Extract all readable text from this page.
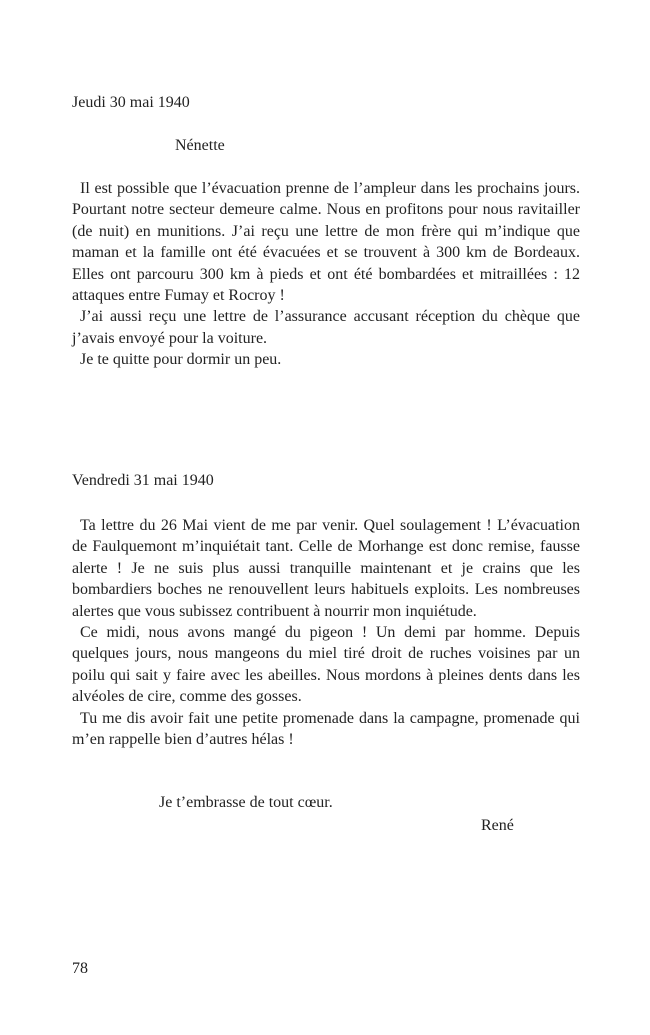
Jeudi 30 mai 1940
Nénette

Il est possible que l’évacuation prenne de l’ampleur dans les prochains jours. Pourtant notre secteur demeure calme. Nous en profitons pour nous ravitailler (de nuit) en munitions. J’ai reçu une lettre de mon frère qui m’indique que maman et la famille ont été évacuées et se trouvent à 300 km de Bordeaux. Elles ont parcouru 300 km à pieds et ont été bombardées et mitraillées : 12 attaques entre Fumay et Rocroy !

J’ai aussi reçu une lettre de l’assurance accusant réception du chèque que j’avais envoyé pour la voiture.

Je te quitte pour dormir un peu.

Vendredi 31 mai 1940

Ta lettre du 26 Mai vient de me par venir. Quel soulagement ! L’évacuation de Faulquemont m’inquiétait tant. Celle de Morhange est donc remise, fausse alerte ! Je ne suis plus aussi tranquille maintenant et je crains que les bombardiers boches ne renouvellent leurs habituels exploits. Les nombreuses alertes que vous subissez contribuent à nourrir mon inquiétude.

Ce midi, nous avons mangé du pigeon ! Un demi par homme. Depuis quelques jours, nous mangeons du miel tiré droit de ruches voisines par un poilu qui sait y faire avec les abeilles. Nous mordons à pleines dents dans les alvéoles de cire, comme des gosses.

Tu me dis avoir fait une petite promenade dans la campagne, promenade qui m’en rappelle bien d’autres hélas !

Je t’embrasse de tout cœur.
René
78
